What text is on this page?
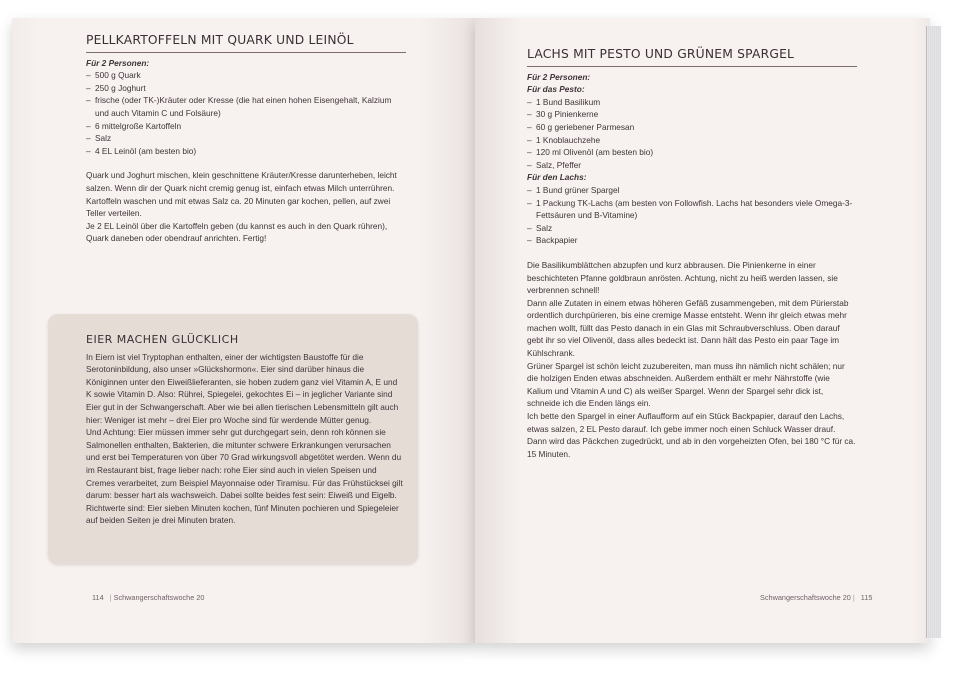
PELLKARTOFFELN MIT QUARK UND LEINÖL
Für 2 Personen:
– 500 g Quark
– 250 g Joghurt
– frische (oder TK-)Kräuter oder Kresse (die hat einen hohen Eisengehalt, Kalzium und auch Vitamin C und Folsäure)
– 6 mittelgroße Kartoffeln
– Salz
– 4 EL Leinöl (am besten bio)

Quark und Joghurt mischen, klein geschnittene Kräuter/Kresse darunterheben, leicht salzen. Wenn dir der Quark nicht cremig genug ist, einfach etwas Milch unterrühren. Kartoffeln waschen und mit etwas Salz ca. 20 Minuten gar kochen, pellen, auf zwei Teller verteilen.

Je 2 EL Leinöl über die Kartoffeln geben (du kannst es auch in den Quark rühren), Quark daneben oder obendrauf anrichten. Fertig!

EIER MACHEN GLÜCKLICH

In Eiern ist viel Tryptophan enthalten, einer der wichtigsten Baustoffe für die Serotoninbildung, also unser »Glückshormon«. Eier sind darüber hinaus die Königinnen unter den Eiweißlieferanten, sie hoben zudem ganz viel Vitamin A, E und K sowie Vitamin D. Also: Rührei, Spiegelei, gekochtes Ei – in jeglicher Variante sind Eier gut in der Schwangerschaft. Aber wie bei allen tierischen Lebensmitteln gilt auch hier: Weniger ist mehr – drei Eier pro Woche sind für werdende Mütter genug.

Und Achtung: Eier müssen immer sehr gut durchgegart sein, denn roh können sie Salmonellen enthalten, Bakterien, die mitunter schwere Erkrankungen verursachen und erst bei Temperaturen von über 70 Grad wirkungsvoll abgetötet werden. Wenn du im Restaurant bist, frage lieber nach: rohe Eier sind auch in vielen Speisen und Cremes verarbeitet, zum Beispiel Mayonnaise oder Tiramisu. Für das Frühstücksei gilt darum: besser hart als wachsweich. Dabei sollte beides fest sein: Eiweiß und Eigelb. Richtwerte sind: Eier sieben Minuten kochen, fünf Minuten pochieren und Spiegeleier auf beiden Seiten je drei Minuten braten.

114 | Schwangerschaftswoche 20
LACHS MIT PESTO UND GRÜNEM SPARGEL
Für 2 Personen:
Für das Pesto:
– 1 Bund Basilikum
– 30 g Pinienkerne
– 60 g geriebener Parmesan
– 1 Knoblauchzehe
– 120 ml Olivenöl (am besten bio)
– Salz, Pfeffer
Für den Lachs:
– 1 Bund grüner Spargel
– 1 Packung TK-Lachs (am besten von Followfish. Lachs hat besonders viele Omega-3-Fettsäuren und B-Vitamine)
– Salz
– Backpapier

Die Basilikumblättchen abzupfen und kurz abbrausen. Die Pinienkerne in einer beschichteten Pfanne goldbraun anrösten. Achtung, nicht zu heiß werden lassen, sie verbrennen schnell!

Dann alle Zutaten in einem etwas höheren Gefäß zusammengeben, mit dem Pürierstab ordentlich durchpürieren, bis eine cremige Masse entsteht. Wenn ihr gleich etwas mehr machen wollt, füllt das Pesto danach in ein Glas mit Schraubverschluss. Oben darauf gebt ihr so viel Olivenöl, dass alles bedeckt ist. Dann hält das Pesto ein paar Tage im Kühlschrank.

Grüner Spargel ist schön leicht zuzubereiten, man muss ihn nämlich nicht schälen; nur die holzigen Enden etwas abschneiden. Außerdem enthält er mehr Nährstoffe (wie Kalium und Vitamin A und C) als weißer Spargel. Wenn der Spargel sehr dick ist, schneide ich die Enden längs ein.

Ich bette den Spargel in einer Auflaufform auf ein Stück Backpapier, darauf den Lachs, etwas salzen, 2 EL Pesto darauf. Ich gebe immer noch einen Schluck Wasser drauf. Dann wird das Päckchen zugedrückt, und ab in den vorgeheizten Ofen, bei 180 °C für ca. 15 Minuten.

Schwangerschaftswoche 20 | 115
